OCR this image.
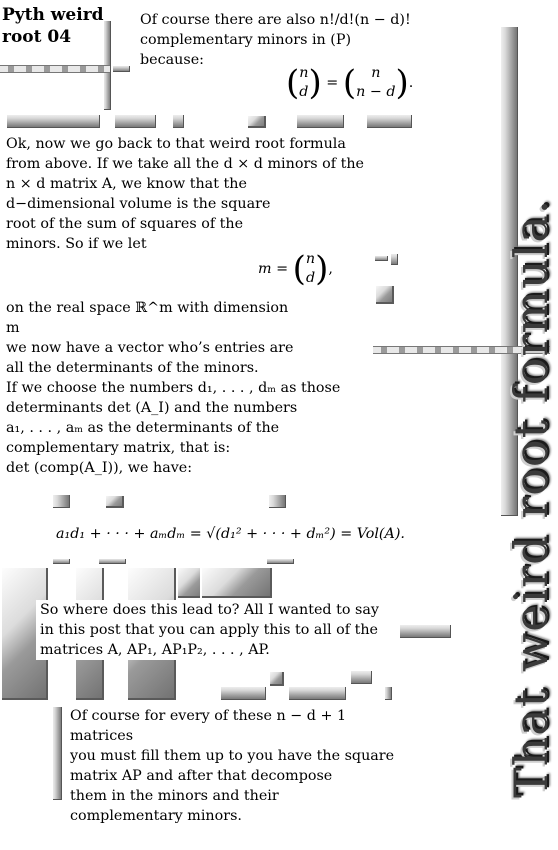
Pyth weird
root 04
Of course there are also n!/d!(n − d)!
complementary minors in (P)
because:
(n
d) = ( n
n − d).
Ok, now we go back to that weird root formula
from above. If we take all the d × d minors of the
n × d matrix A, we know that the
d−dimensional volume is the square
root of the sum of squares of the
minors. So if we let
m = (n
d),
on the real space ℝ^m with dimension m
we now have a vector who’s entries are
all the determinants of the minors.
If we choose the numbers d₁, . . . , dₘ as those
determinants det (A_I) and the numbers
a₁, . . . , aₘ as the determinants of the
complementary matrix, that is:
det (comp(A_I)), we have:
a₁d₁ + · · · + aₘdₘ = √(d₁² + · · · + dₘ²) = Vol(A).
So where does this lead to? All I wanted to say
in this post that you can apply this to all of the
matrices A, AP₁, AP₁P₂, . . . , AP.
Of course for every of these n − d + 1 matrices
you must fill them up to you have the square
matrix AP and after that decompose
them in the minors and their
complementary minors.
That weird root formula.
